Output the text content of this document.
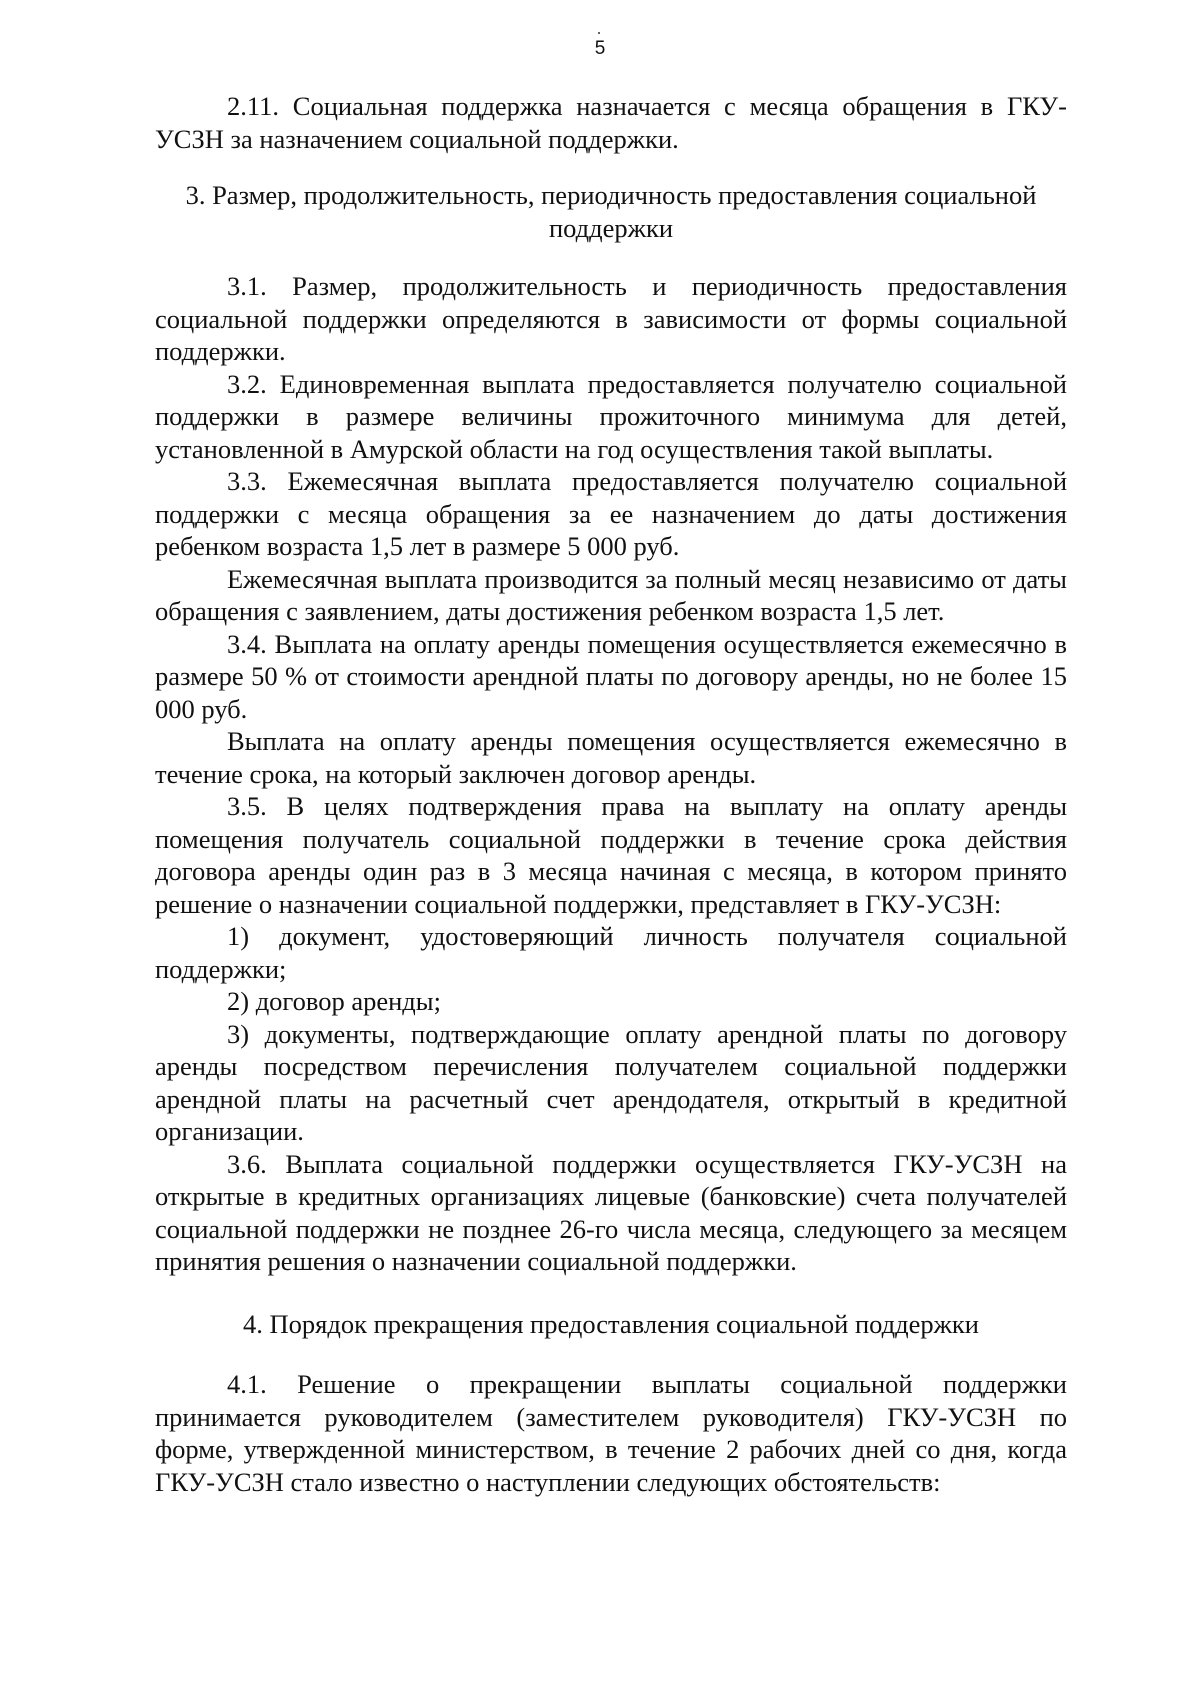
5

2.11. Социальная поддержка назначается с месяца обращения в ГКУ-УСЗН за назначением социальной поддержки.

3. Размер, продолжительность, периодичность предоставления социальной поддержки

3.1. Размер, продолжительность и периодичность предоставления социальной поддержки определяются в зависимости от формы социальной поддержки.

3.2. Единовременная выплата предоставляется получателю социальной поддержки в размере величины прожиточного минимума для детей, установленной в Амурской области на год осуществления такой выплаты.

3.3. Ежемесячная выплата предоставляется получателю социальной поддержки с месяца обращения за ее назначением до даты достижения ребенком возраста 1,5 лет в размере 5 000 руб.

Ежемесячная выплата производится за полный месяц независимо от даты обращения с заявлением, даты достижения ребенком возраста 1,5 лет.

3.4. Выплата на оплату аренды помещения осуществляется ежемесячно в размере 50 % от стоимости арендной платы по договору аренды, но не более 15 000 руб.

Выплата на оплату аренды помещения осуществляется ежемесячно в течение срока, на который заключен договор аренды.

3.5. В целях подтверждения права на выплату на оплату аренды помещения получатель социальной поддержки в течение срока действия договора аренды один раз в 3 месяца начиная с месяца, в котором принято решение о назначении социальной поддержки, представляет в ГКУ-УСЗН:

1) документ, удостоверяющий личность получателя социальной поддержки;

2) договор аренды;

3) документы, подтверждающие оплату арендной платы по договору аренды посредством перечисления получателем социальной поддержки арендной платы на расчетный счет арендодателя, открытый в кредитной организации.

3.6. Выплата социальной поддержки осуществляется ГКУ-УСЗН на открытые в кредитных организациях лицевые (банковские) счета получателей социальной поддержки не позднее 26-го числа месяца, следующего за месяцем принятия решения о назначении социальной поддержки.

4. Порядок прекращения предоставления социальной поддержки

4.1. Решение о прекращении выплаты социальной поддержки принимается руководителем (заместителем руководителя) ГКУ-УСЗН по форме, утвержденной министерством, в течение 2 рабочих дней со дня, когда ГКУ-УСЗН стало известно о наступлении следующих обстоятельств:
